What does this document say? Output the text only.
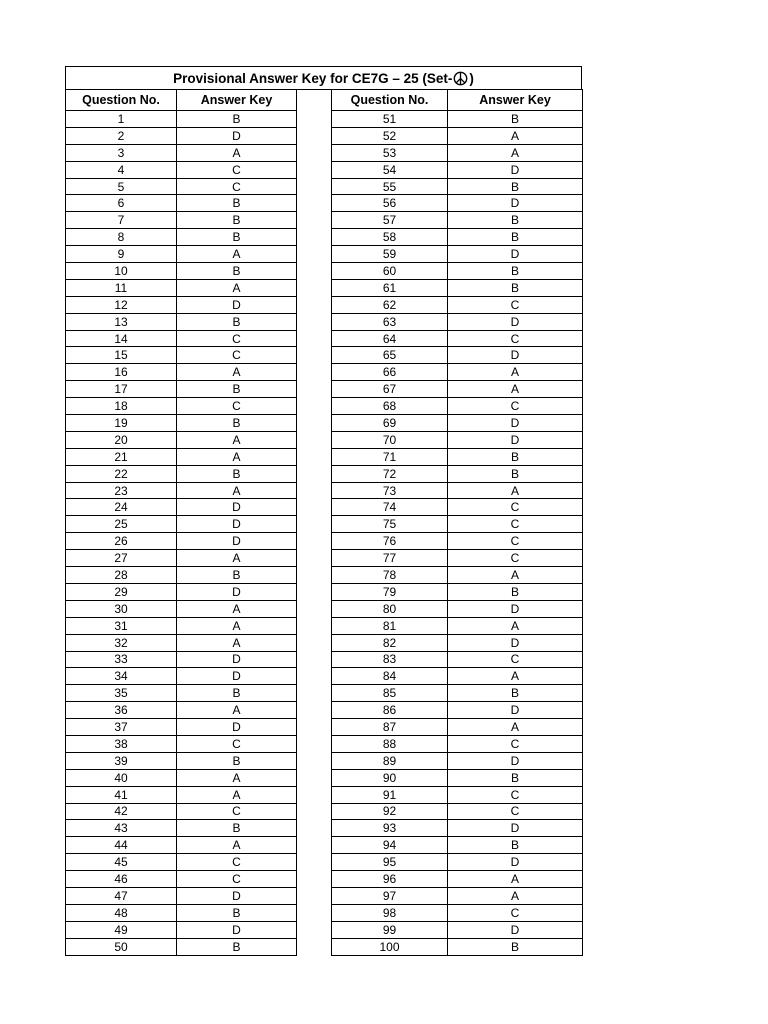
Provisional Answer Key for CE7G – 25 (Set- )
Question No.	Answer Key
1	B
2	D
3	A
4	C
5	C
6	B
7	B
8	B
9	A
10	B
11	A
12	D
13	B
14	C
15	C
16	A
17	B
18	C
19	B
20	A
21	A
22	B
23	A
24	D
25	D
26	D
27	A
28	B
29	D
30	A
31	A
32	A
33	D
34	D
35	B
36	A
37	D
38	C
39	B
40	A
41	A
42	C
43	B
44	A
45	C
46	C
47	D
48	B
49	D
50	B
Question No.	Answer Key
51	B
52	A
53	A
54	D
55	B
56	D
57	B
58	B
59	D
60	B
61	B
62	C
63	D
64	C
65	D
66	A
67	A
68	C
69	D
70	D
71	B
72	B
73	A
74	C
75	C
76	C
77	C
78	A
79	B
80	D
81	A
82	D
83	C
84	A
85	B
86	D
87	A
88	C
89	D
90	B
91	C
92	C
93	D
94	B
95	D
96	A
97	A
98	C
99	D
100	B
